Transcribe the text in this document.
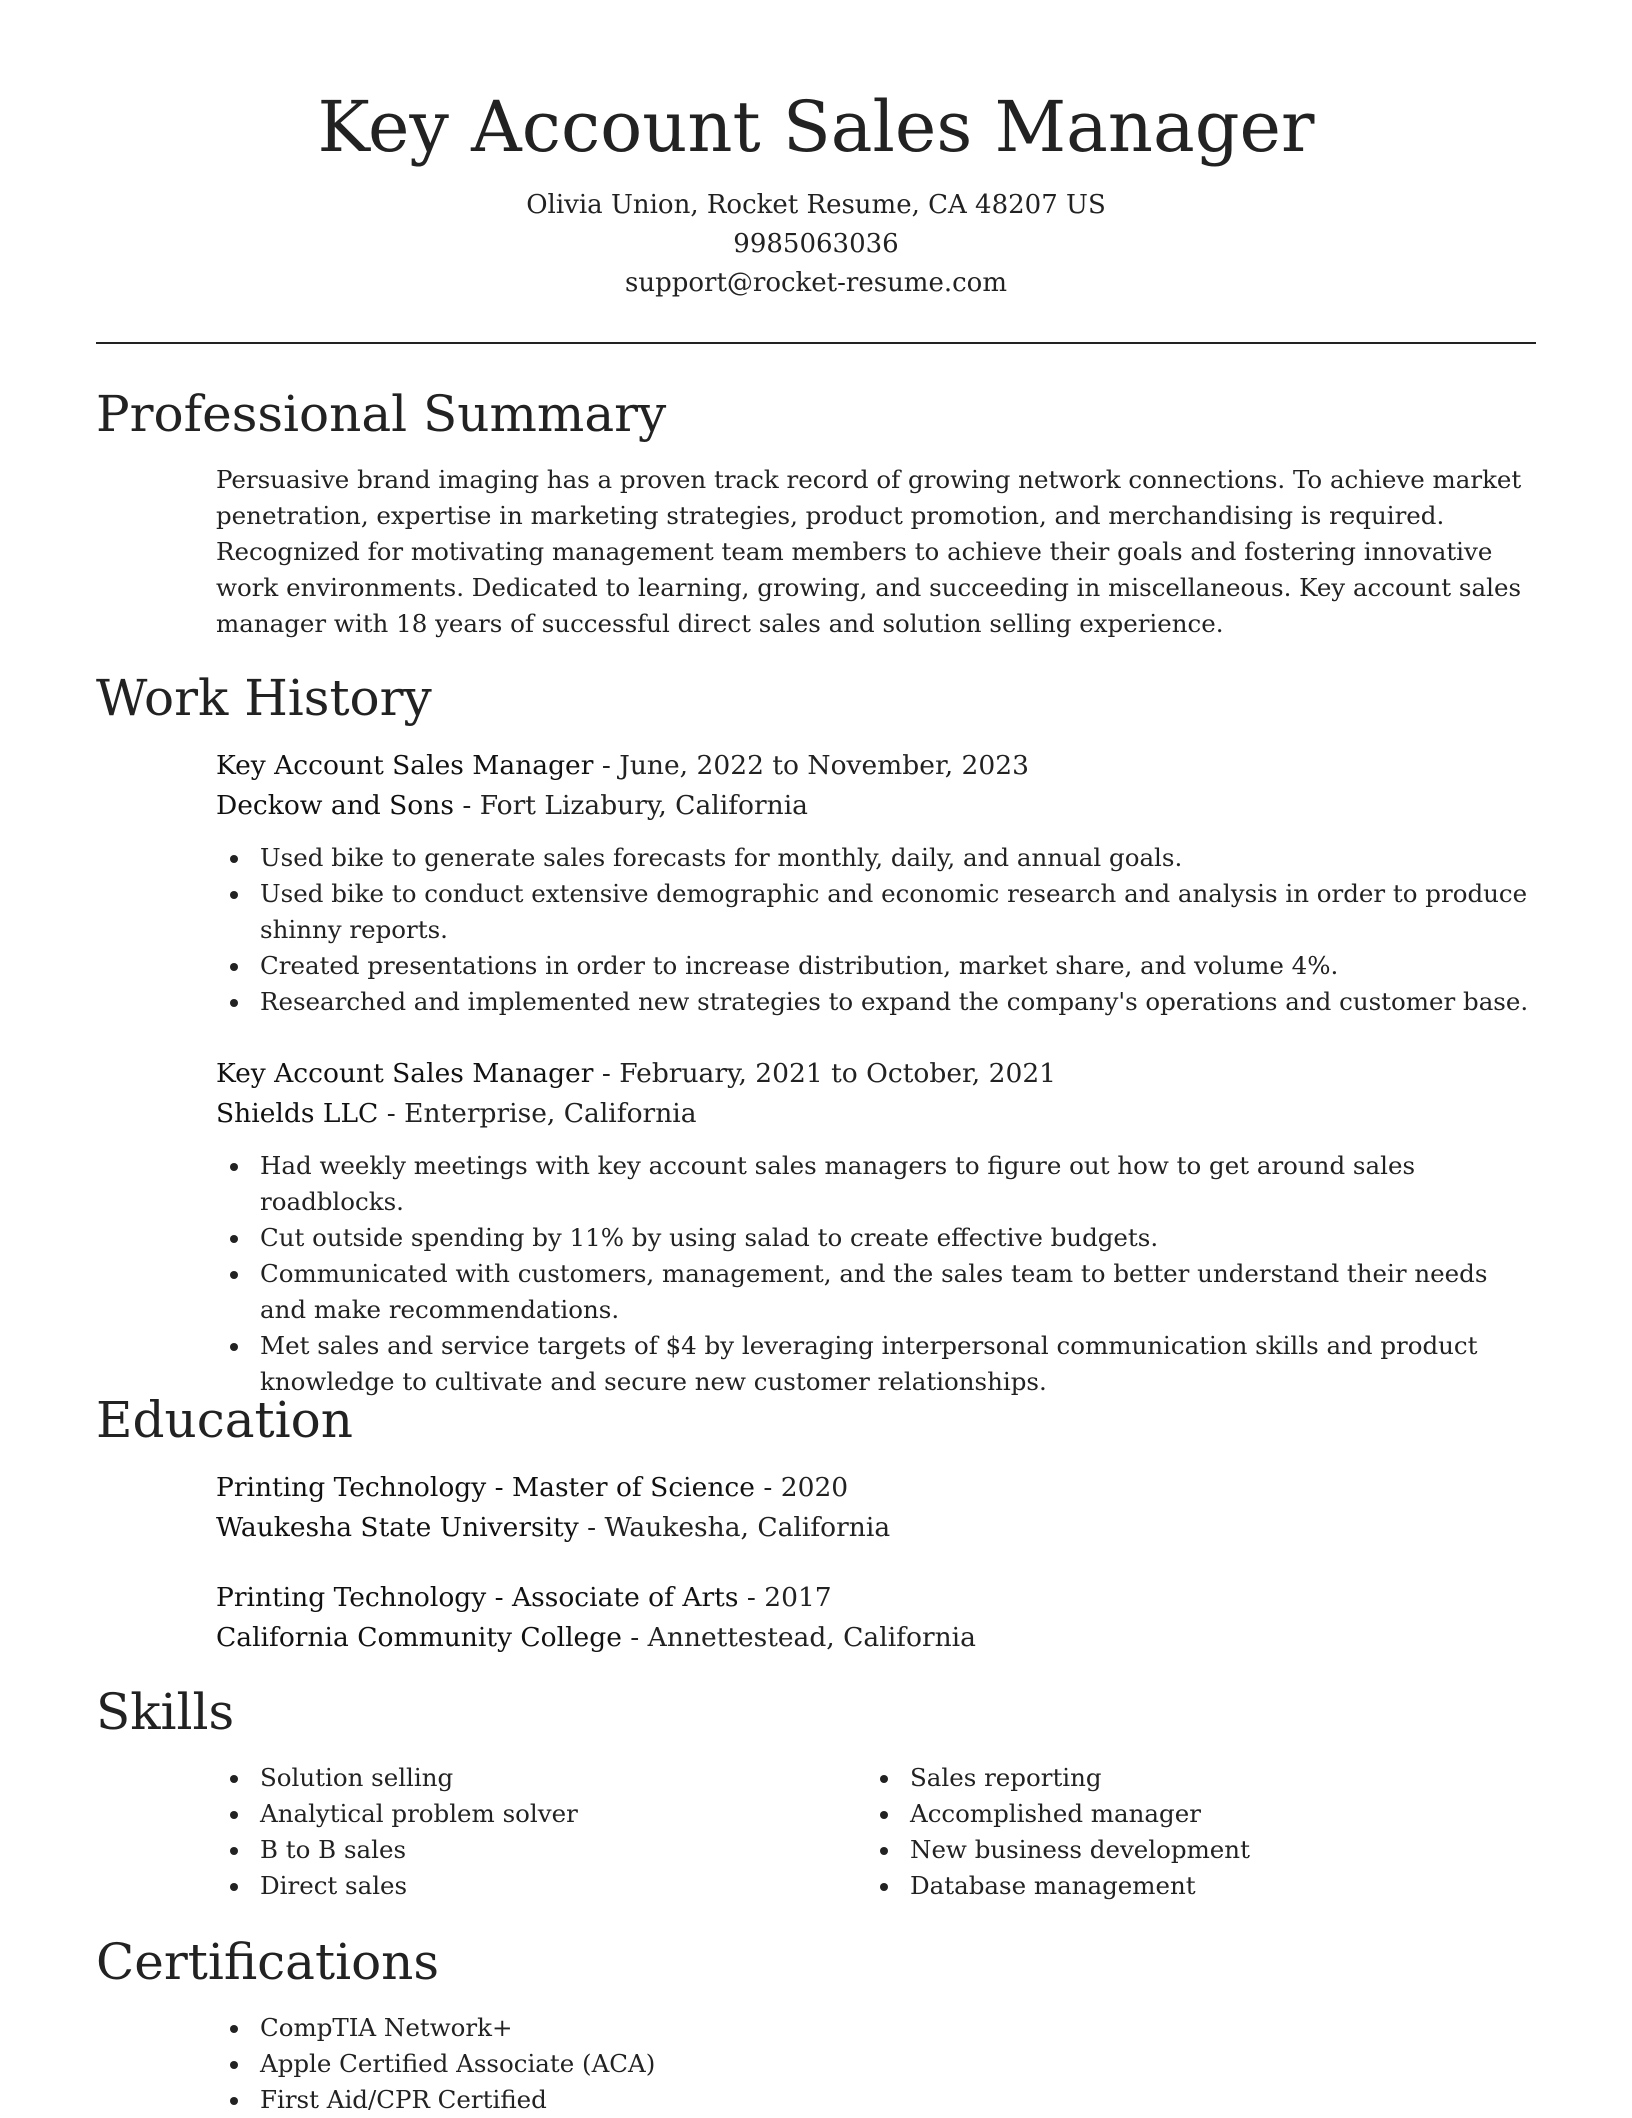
Key Account Sales Manager
Olivia Union, Rocket Resume, CA 48207 US
9985063036
support@rocket-resume.com
Professional Summary

Persuasive brand imaging has a proven track record of growing network connections. To achieve market penetration, expertise in marketing strategies, product promotion, and merchandising is required. Recognized for motivating management team members to achieve their goals and fostering innovative work environments. Dedicated to learning, growing, and succeeding in miscellaneous. Key account sales manager with 18 years of successful direct sales and solution selling experience.

Work History
Key Account Sales Manager - June, 2022 to November, 2023
Deckow and Sons - Fort Lizabury, California
Used bike to generate sales forecasts for monthly, daily, and annual goals.
Used bike to conduct extensive demographic and economic research and analysis in order to produce shinny reports.
Created presentations in order to increase distribution, market share, and volume 4%.
Researched and implemented new strategies to expand the company's operations and customer base.
Key Account Sales Manager - February, 2021 to October, 2021
Shields LLC - Enterprise, California
Had weekly meetings with key account sales managers to figure out how to get around sales roadblocks.
Cut outside spending by 11% by using salad to create effective budgets.
Communicated with customers, management, and the sales team to better understand their needs and make recommendations.
Met sales and service targets of $4 by leveraging interpersonal communication skills and product knowledge to cultivate and secure new customer relationships.
Education
Printing Technology - Master of Science - 2020
Waukesha State University - Waukesha, California
Printing Technology - Associate of Arts - 2017
California Community College - Annettestead, California
Skills
Solution selling
Analytical problem solver
B to B sales
Direct sales
Sales reporting
Accomplished manager
New business development
Database management
Certifications
CompTIA Network+
Apple Certified Associate (ACA)
First Aid/CPR Certified
